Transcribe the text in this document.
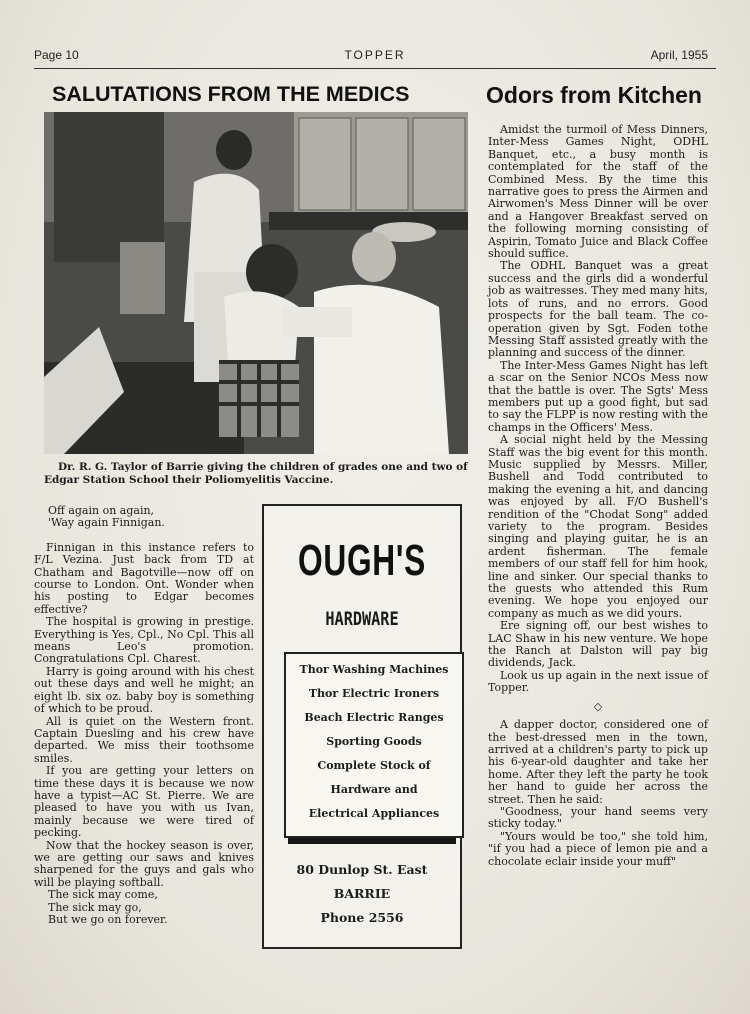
Page 10	TOPPER	April, 1955
SALUTATIONS FROM THE MEDICS	Odors from Kitchen
Dr. R. G. Taylor of Barrie giving the children of grades one and two of Edgar Station School their Poliomyelitis Vaccine.

Off again on again,

'Way again Finnigan.

Finnigan in this instance refers to F/L Vezina. Just back from TD at Chatham and Bagotville—now off on course to London. Ont. Wonder when his posting to Edgar becomes effective?

The hospital is growing in prestige. Everything is Yes, Cpl., No Cpl. This all means Leo's promotion. Congratulations Cpl. Charest.

Harry is going around with his chest out these days and well he might; an eight lb. six oz. baby boy is something of which to be proud.

All is quiet on the Western front. Captain Duesling and his crew have departed. We miss their toothsome smiles.

If you are getting your letters on time these days it is because we now have a typist—AC St. Pierre. We are pleased to have you with us Ivan, mainly because we were tired of pecking.

Now that the hockey season is over, we are getting our saws and knives sharpened for the guys and gals who will be playing softball.

The sick may come,

The sick may go,

But we go on forever.

OUGH'S
HARDWARE
Thor Washing Machines
Thor Electric Ironers
Beach Electric Ranges
Sporting Goods
Complete Stock of
Hardware and
Electrical Appliances
80 Dunlop St. East
BARRIE
Phone 2556

Amidst the turmoil of Mess Dinners, Inter-Mess Games Night, ODHL Banquet, etc., a busy month is contemplated for the staff of the Combined Mess. By the time this narrative goes to press the Airmen and Airwomen's Mess Dinner will be over and a Hangover Breakfast served on the following morning consisting of Aspirin, Tomato Juice and Black Coffee should suffice.

The ODHL Banquet was a great success and the girls did a wonderful job as waitresses. They med many hits, lots of runs, and no errors. Good prospects for the ball team. The co-operation given by Sgt. Foden tothe Messing Staff assisted greatly with the planning and success of the dinner.

The Inter-Mess Games Night has left a scar on the Senior NCOs Mess now that the battle is over. The Sgts' Mess members put up a good fight, but sad to say the FLPP is now resting with the champs in the Officers' Mess.

A social night held by the Messing Staff was the big event for this month. Music supplied by Messrs. Miller, Bushell and Todd contributed to making the evening a hit, and dancing was enjoyed by all. F/O Bushell's rendition of the "Chodat Song" added variety to the program. Besides singing and playing guitar, he is an ardent fisherman. The female members of our staff fell for him hook, line and sinker. Our special thanks to the guests who attended this Rum evening. We hope you enjoyed our company as much as we did yours.

Ere signing off, our best wishes to LAC Shaw in his new venture. We hope the Ranch at Dalston will pay big dividends, Jack.

Look us up again in the next issue of Topper.

◇

A dapper doctor, considered one of the best-dressed men in the town, arrived at a children's party to pick up his 6-year-old daughter and take her home. After they left the party he took her hand to guide her across the street. Then he said:

"Goodness, your hand seems very sticky today."

"Yours would be too," she told him, "if you had a piece of lemon pie and a chocolate eclair inside your muff"
